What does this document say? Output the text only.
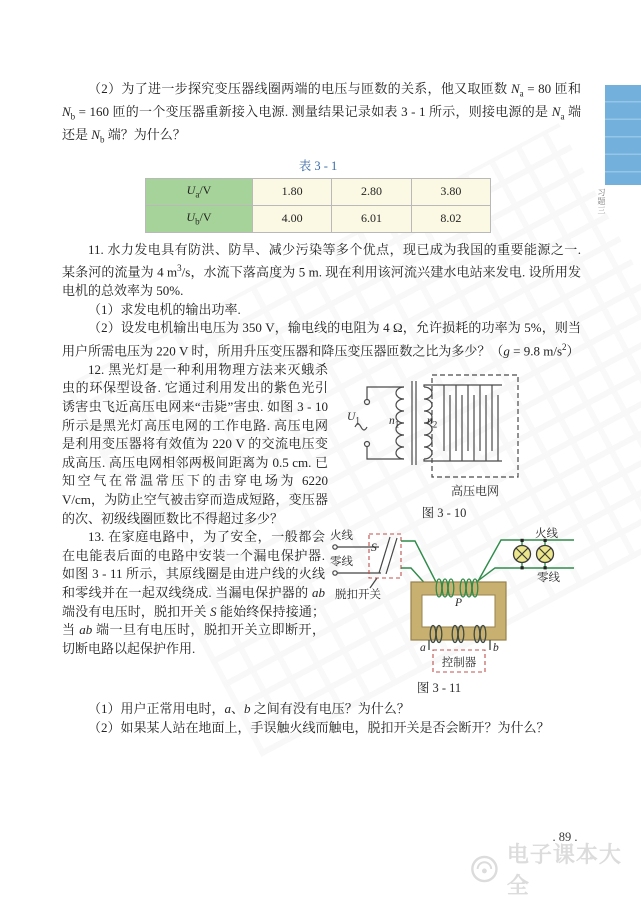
习题三

（2）为了进一步探究变压器线圈两端的电压与匝数的关系，他又取匝数 $N_a = 80$ 匝和 $N_b = 160$ 匝的一个变压器重新接入电源. 测量结果记录如表 3 - 1 所示，则接电源的是 $N_a$ 端还是 $N_b$ 端？为什么？

表 3 - 1
$U_a/V$	1.80	2.80	3.80
$U_b/V$	4.00	6.01	8.02

11. 水力发电具有防洪、防旱、减少污染等多个优点，现已成为我国的重要能源之一. 某条河的流量为 4 $m^3/s$，水流下落高度为 5 m. 现在利用该河流兴建水电站来发电. 设所用发电机的总效率为 50%.

（1）求发电机的输出功率.

（2）设发电机输出电压为 350 V，输电线的电阻为 4 Ω，允许损耗的功率为 5%，则当用户所需电压为 220 V 时，所用升压变压器和降压变压器匝数之比为多少？（g = 9.8 $m/s^2$）

$U_1$	$n_1$ $n_2$
高压电网
图 3 - 10

12. 黑光灯是一种利用物理方法来灭蛾杀虫的环保型设备. 它通过利用发出的紫色光引诱害虫飞近高压电网来“击毙”害虫. 如图 3 - 10 所示是黑光灯高压电网的工作电路. 高压电网是利用变压器将有效值为 220 V 的交流电压变成高压. 高压电网相邻两极间距离为 0.5 cm. 已知空气在常温常压下的击穿电场为 6220 V/cm，为防止空气被击穿而造成短路，变压器的次、初级线圈匝数比不得超过多少？

火线
零线
S
脱扣开关
P
a	b
控制器
火线
零线
图 3 - 11

13. 在家庭电路中，为了安全，一般都会在电能表后面的电路中安装一个漏电保护器. 如图 3 - 11 所示，其原线圈是由进户线的火线和零线并在一起双线绕成. 当漏电保护器的 ab 端没有电压时，脱扣开关 S 能始终保持接通；当 ab 端一旦有电压时，脱扣开关立即断开，切断电路以起保护作用.

（1）用户正常用电时，a、b 之间有没有电压？为什么？

（2）如果某人站在地面上，手误触火线而触电，脱扣开关是否会断开？为什么？

. 89 .
电子课本大全
